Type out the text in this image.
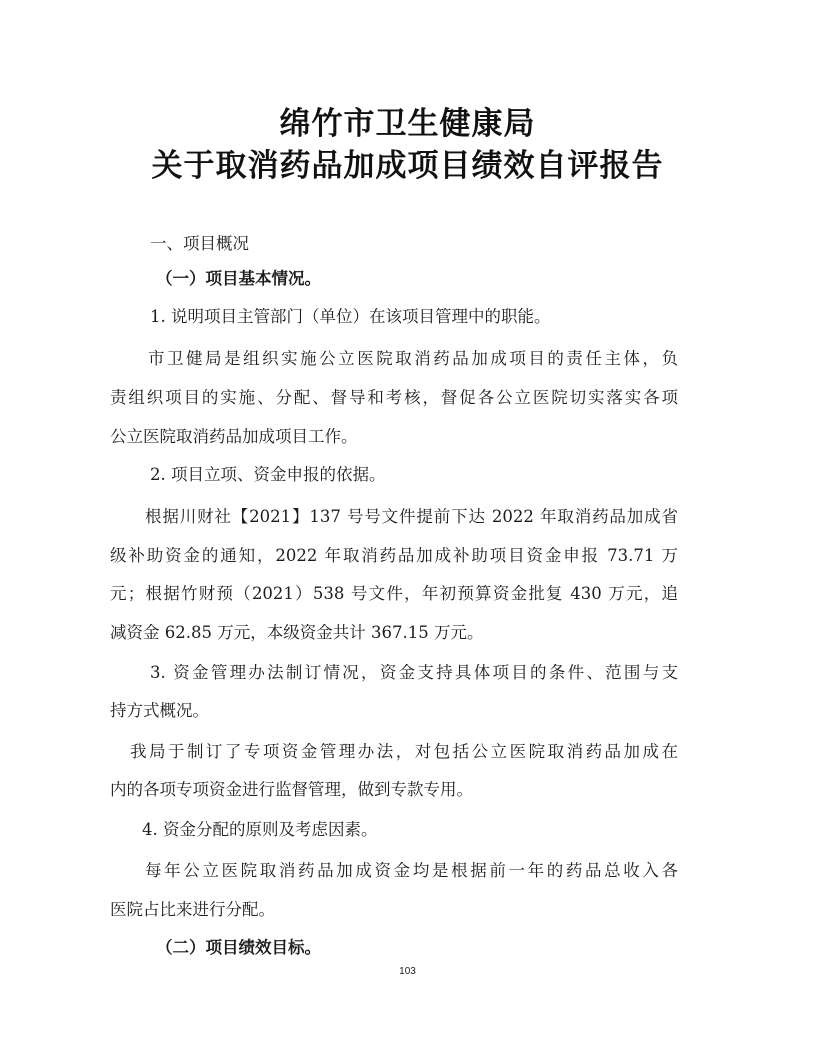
绵竹市卫生健康局
关于取消药品加成项目绩效自评报告
一、项目概况
（一）项目基本情况。
1. 说明项目主管部门（单位）在该项目管理中的职能。
市卫健局是组织实施公立医院取消药品加成项目的责任主体，负
责组织项目的实施、分配、督导和考核，督促各公立医院切实落实各项
公立医院取消药品加成项目工作。
2. 项目立项、资金申报的依据。
根据川财社【2021】137 号号文件提前下达 2022 年取消药品加成省
级补助资金的通知，2022 年取消药品加成补助项目资金申报 73.71 万
元；根据竹财预（2021）538 号文件，年初预算资金批复 430 万元，追
减资金 62.85 万元，本级资金共计 367.15 万元。
3. 资金管理办法制订情况，资金支持具体项目的条件、范围与支
持方式概况。
我局于制订了专项资金管理办法，对包括公立医院取消药品加成在
内的各项专项资金进行监督管理，做到专款专用。
4. 资金分配的原则及考虑因素。
每年公立医院取消药品加成资金均是根据前一年的药品总收入各
医院占比来进行分配。
（二）项目绩效目标。
103
